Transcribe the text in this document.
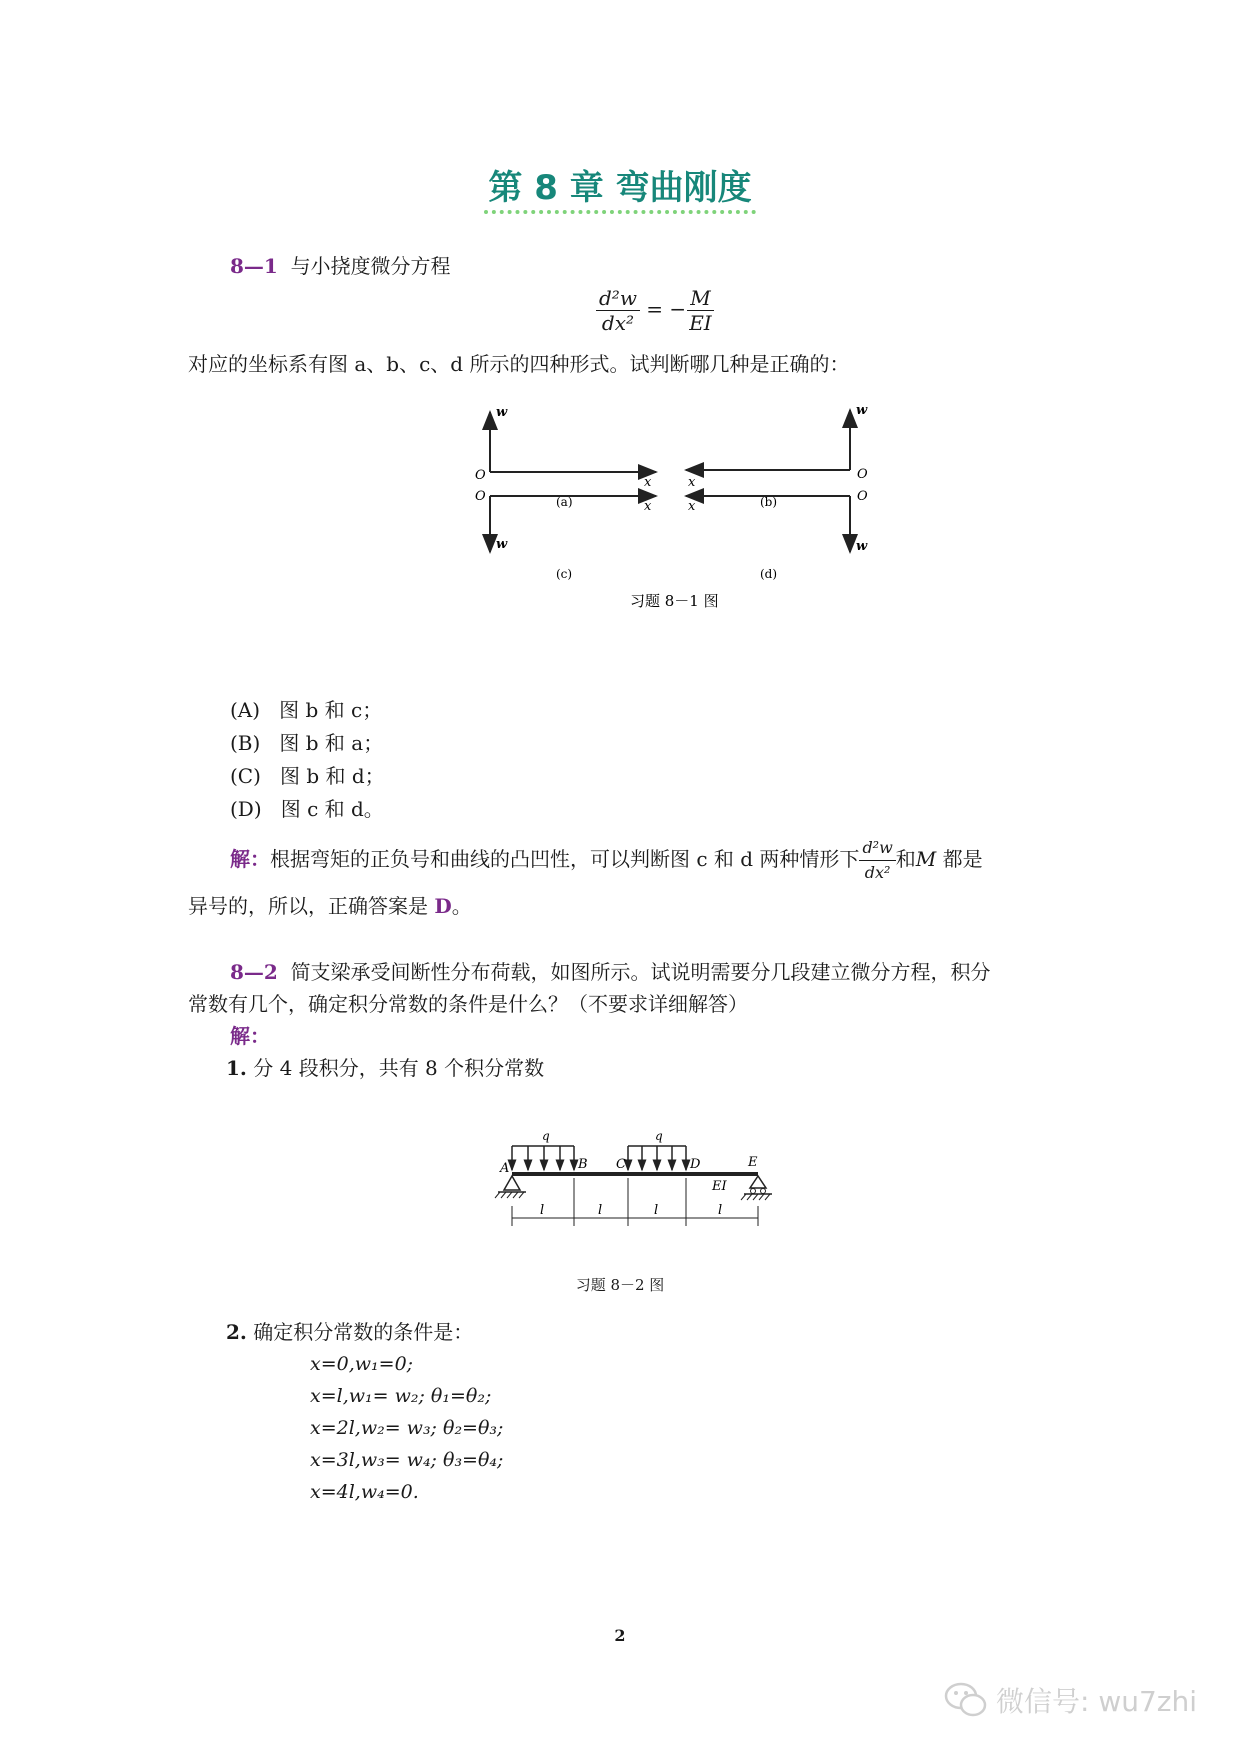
第 8 章 弯曲刚度
8—1 与小挠度微分方程
$\frac{\text{d²w}}{\text{dx²}}$ = − $\frac{M}{EI}$
对应的坐标系有图 a、b、c、d 所示的四种形式。试判断哪几种是正确的：
w
O	x
(a)
w
O
x
(b)
O
x
w
(c)
O
x
w
(d)
习题 8－1 图
(A) 图 b 和 c；
(B) 图 b 和 a；
(C) 图 b 和 d；
(D) 图 c 和 d。
解：根据弯矩的正负号和曲线的凸凹性，可以判断图 c 和 d 两种情形下 $\frac{\text{d²w}}{\text{dx²}}$ 和M 都是
异号的，所以，正确答案是 D。
8—2 简支梁承受间断性分布荷载，如图所示。试说明需要分几段建立微分方程，积分
常数有几个，确定积分常数的条件是什么？（不要求详细解答）
解：
1. 分 4 段积分，共有 8 个积分常数
q	q
A	B C	D	E
EI
l	l	l	l
习题 8－2 图
2. 确定积分常数的条件是：
x=0,w₁=0;
x=l,w₁= w₂; θ₁=θ₂;
x=2l,w₂= w₃; θ₂=θ₃;
x=3l,w₃= w₄; θ₃=θ₄;
x=4l,w₄=0.
2
微信号: wu7zhi
